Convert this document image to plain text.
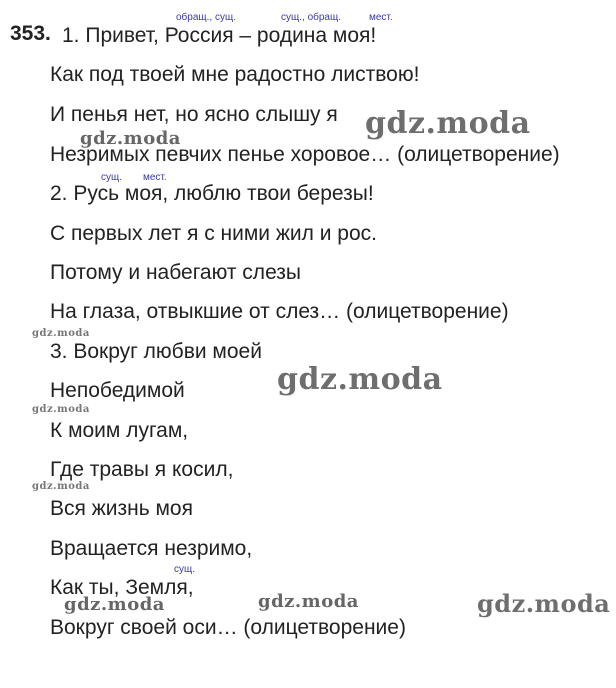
353.
обращ., сущ.	сущ., обращ.	мест.
сущ. мест.
сущ.
1. Привет, Россия – родина моя!
Как под твоей мне радостно листвою!
И пенья нет, но ясно слышу я
Незримых певчих пенье хоровое… (олицетворение)
2. Русь моя, люблю твои березы!
С первых лет я с ними жил и рос.
Потому и набегают слезы
На глаза, отвыкшие от слез… (олицетворение)
3. Вокруг любви моей
Непобедимой
К моим лугам,
Где травы я косил,
Вся жизнь моя
Вращается незримо,
Как ты, Земля,
Вокруг своей оси… (олицетворение)
gdz.moda
gdz.moda
gdz.moda
gdz.moda
gdz.moda
gdz.moda
gdz.moda	gdz.moda	gdz.moda
